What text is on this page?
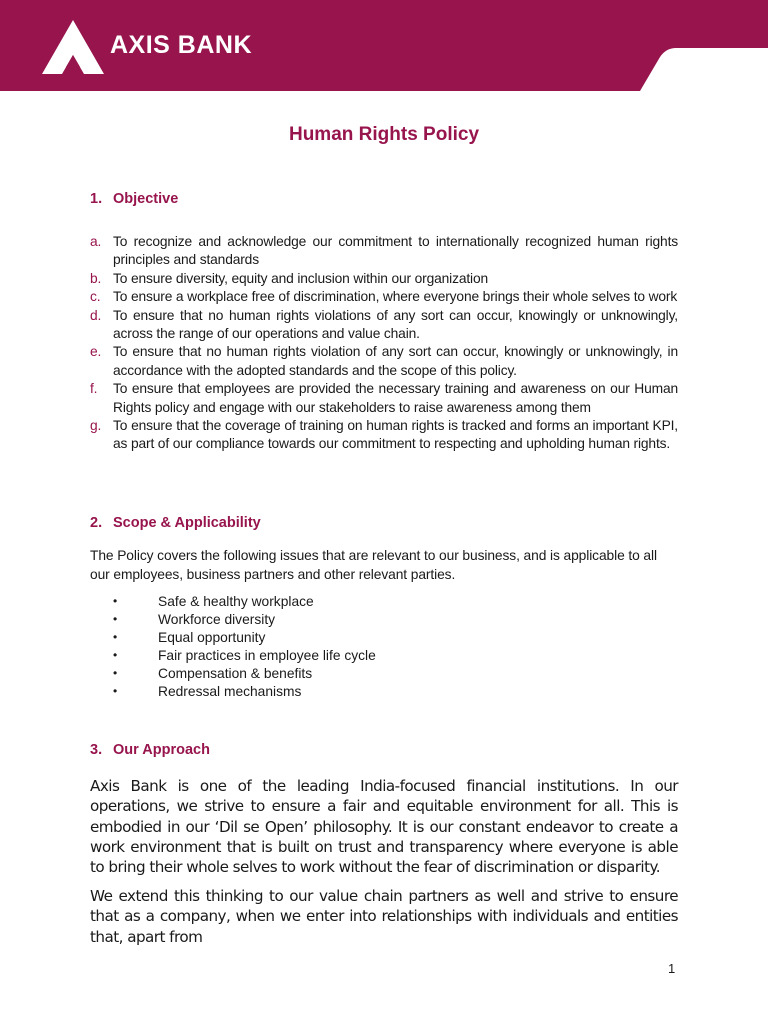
AXIS BANK
Human Rights Policy
1. Objective
a. To recognize and acknowledge our commitment to internationally recognized human rights principles and standards
b. To ensure diversity, equity and inclusion within our organization
c. To ensure a workplace free of discrimination, where everyone brings their whole selves to work
d. To ensure that no human rights violations of any sort can occur, knowingly or unknowingly, across the range of our operations and value chain.
e. To ensure that no human rights violation of any sort can occur, knowingly or unknowingly, in accordance with the adopted standards and the scope of this policy.
f. To ensure that employees are provided the necessary training and awareness on our Human Rights policy and engage with our stakeholders to raise awareness among them
g. To ensure that the coverage of training on human rights is tracked and forms an important KPI, as part of our compliance towards our commitment to respecting and upholding human rights.
2. Scope & Applicability
The Policy covers the following issues that are relevant to our business, and is applicable to all our employees, business partners and other relevant parties.
•	Safe & healthy workplace
•	Workforce diversity
•	Equal opportunity
•	Fair practices in employee life cycle
•	Compensation & benefits
•	Redressal mechanisms
3. Our Approach
Axis Bank is one of the leading India-focused financial institutions. In our operations, we strive to ensure a fair and equitable environment for all. This is embodied in our ‘Dil se Open’ philosophy. It is our constant endeavor to create a work environment that is built on trust and transparency where everyone is able to bring their whole selves to work without the fear of discrimination or disparity.
We extend this thinking to our value chain partners as well and strive to ensure that as a company, when we enter into relationships with individuals and entities that, apart from
1
